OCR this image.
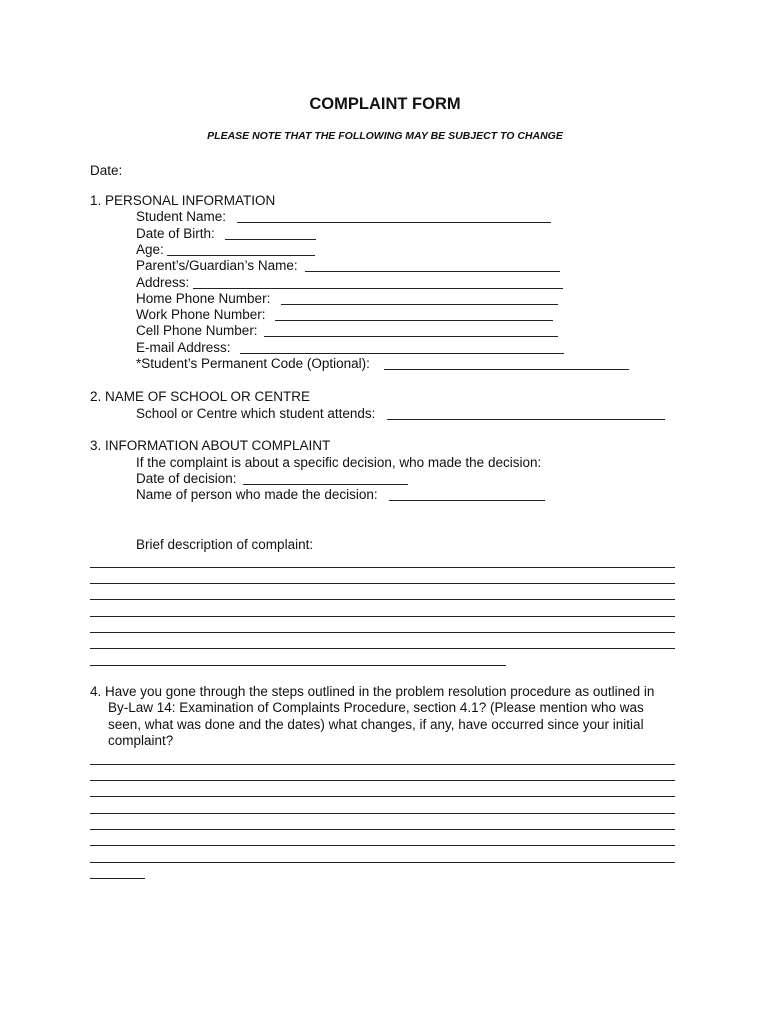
COMPLAINT FORM
PLEASE NOTE THAT THE FOLLOWING MAY BE SUBJECT TO CHANGE
Date:
1. PERSONAL INFORMATION
Student Name:
Date of Birth:
Age:
Parent’s/Guardian’s Name:
Address:
Home Phone Number:
Work Phone Number:
Cell Phone Number:
E-mail Address:
*Student’s Permanent Code (Optional):
2. NAME OF SCHOOL OR CENTRE
School or Centre which student attends:
3. INFORMATION ABOUT COMPLAINT
If the complaint is about a specific decision, who made the decision:
Date of decision:
Name of person who made the decision:
Brief description of complaint:
4. Have you gone through the steps outlined in the problem resolution procedure as outlined in
By-Law 14: Examination of Complaints Procedure, section 4.1? (Please mention who was
seen, what was done and the dates) what changes, if any, have occurred since your initial
complaint?
